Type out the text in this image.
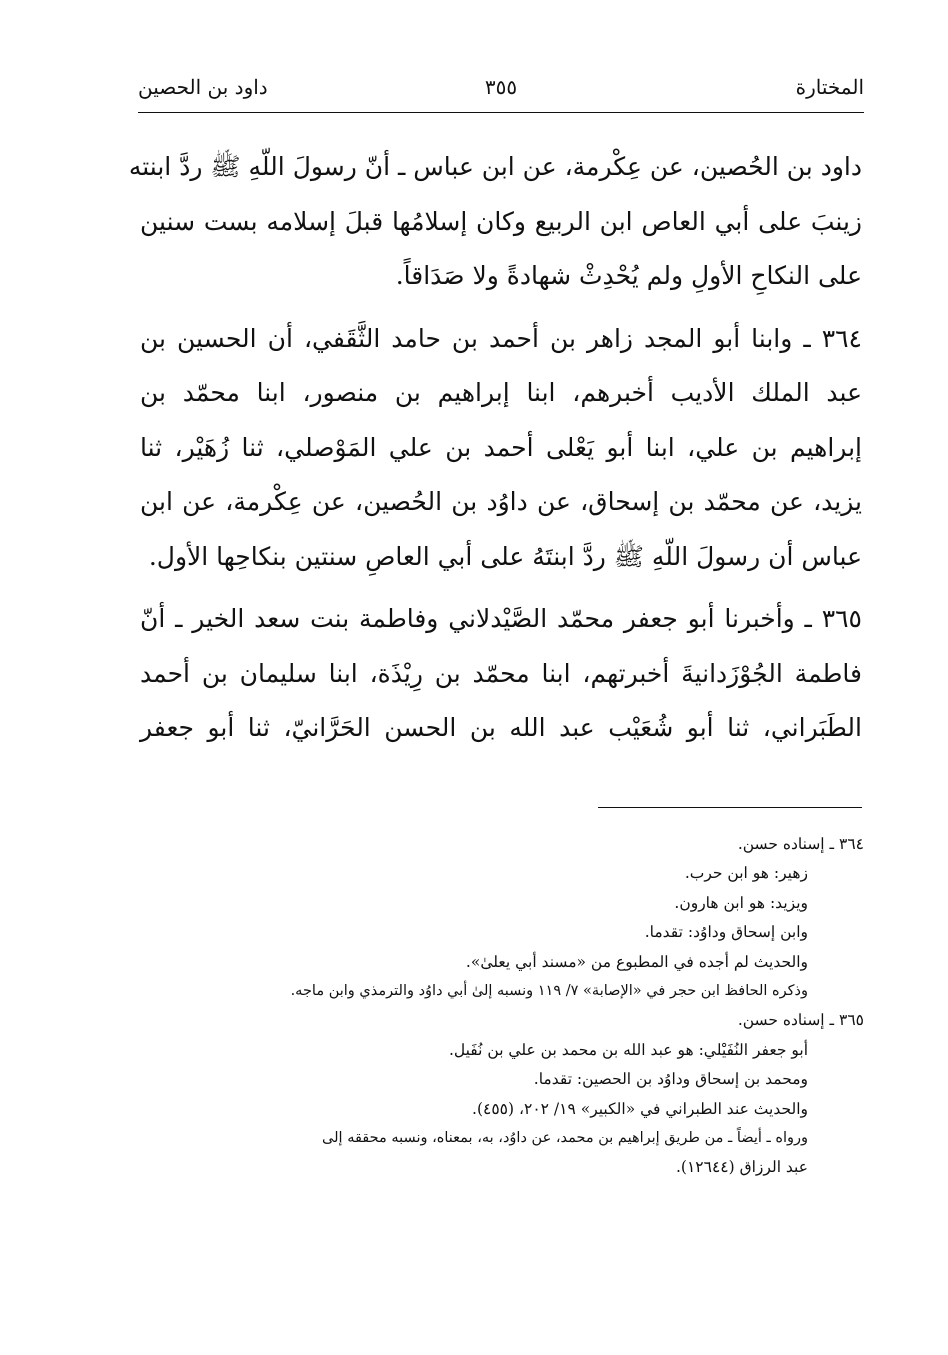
المختارة
٣٥٥
داود بن الحصين
داود بن الحُصين، عن عِكْرمة، عن ابن عباس ـ أنّ رسولَ اللّهِ ﷺ ردَّ ابنته
زينبَ على أبي العاص ابن الربيع وكان إسلامُها قبلَ إسلامه بست سنين
على النكاحِ الأولِ ولم يُحْدِثْ شهادةً ولا صَدَاقاً.
٣٦٤ ـ وابنا أبو المجد زاهر بن أحمد بن حامد الثَّقَفي، أن الحسين بن
عبد الملك الأديب أخبرهم، ابنا إبراهيم بن منصور، ابنا محمّد بن
إبراهيم بن علي، ابنا أبو يَعْلى أحمد بن علي المَوْصلي، ثنا زُهَيْر، ثنا
يزيد، عن محمّد بن إسحاق، عن داوُد بن الحُصين، عن عِكْرمة، عن ابن
عباس أن رسولَ اللّهِ ﷺ ردَّ ابنتَهُ على أبي العاصِ سنتين بنكاحِها الأول.
٣٦٥ ـ وأخبرنا أبو جعفر محمّد الصَّيْدلاني وفاطمة بنت سعد الخير ـ أنّ
فاطمة الجُوْزَدانيةَ أخبرتهم، ابنا محمّد بن رِيْذَة، ابنا سليمان بن أحمد
الطَبَراني، ثنا أبو شُعَيْب عبد الله بن الحسن الحَرَّانيّ، ثنا أبو جعفر
٣٦٤ ـ إسناده حسن.
زهير: هو ابن حرب.
ويزيد: هو ابن هارون.
وابن إسحاق وداوُد: تقدما.
والحديث لم أجده في المطبوع من «مسند أبي يعلىٰ».
وذكره الحافظ ابن حجر في «الإصابة» ٧/ ١١٩ ونسبه إلىٰ أبي داوُد والترمذي وابن ماجه.
٣٦٥ ـ إسناده حسن.
أبو جعفر النُفَيْلي: هو عبد الله بن محمد بن علي بن نُفَيل.
ومحمد بن إسحاق وداوُد بن الحصين: تقدما.
والحديث عند الطبراني في «الكبير» ١٩/ ٢٠٢، (٤٥٥).
ورواه ـ أيضاً ـ من طريق إبراهيم بن محمد، عن داوُد، به، بمعناه، ونسبه محققه إلى
عبد الرزاق (١٢٦٤٤).
